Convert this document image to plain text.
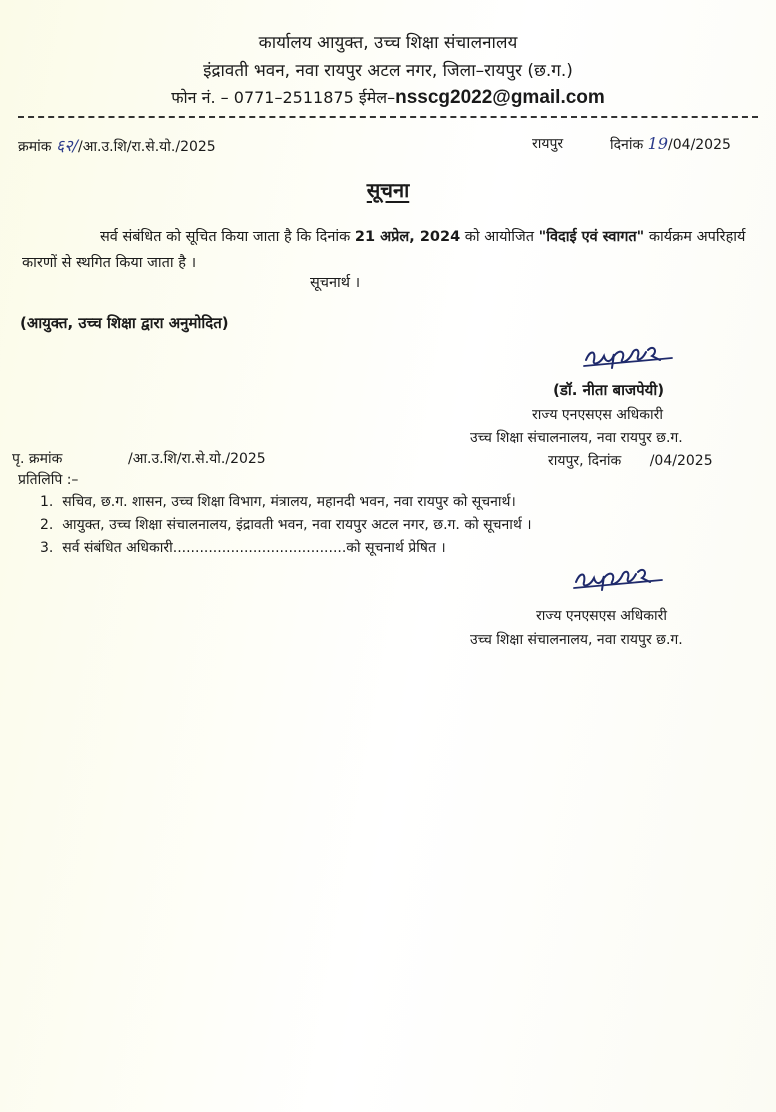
कार्यालय आयुक्त, उच्च शिक्षा संचालनालय
इंद्रावती भवन, नवा रायपुर अटल नगर, जिला–रायपुर (छ.ग.)
फोन नं. – 0771–2511875 ईमेल–nsscg2022@gmail.com
क्रमांक ६२//आ.उ.शि/रा.से.यो./2025	रायपुर	दिनांक 19/04/2025
सूचना
सर्व संबंधित को सूचित किया जाता है कि दिनांक 21 अप्रेल, 2024 को आयोजित "विदाई एवं स्वागत" कार्यक्रम अपरिहार्य कारणों से स्थगित किया जाता है ।
सूचनार्थ ।
(आयुक्त, उच्च शिक्षा द्वारा अनुमोदित)
(डॉ. नीता बाजपेयी)
राज्य एनएसएस अधिकारी
उच्च शिक्षा संचालनालय, नवा रायपुर छ.ग.
पृ. क्रमांक	/आ.उ.शि/रा.से.यो./2025	रायपुर, दिनांक /04/2025
प्रतिलिपि :–
1. सचिव, छ.ग. शासन, उच्च शिक्षा विभाग, मंत्रालय, महानदी भवन, नवा रायपुर को सूचनार्थ।
2. आयुक्त, उच्च शिक्षा संचालनालय, इंद्रावती भवन, नवा रायपुर अटल नगर, छ.ग. को सूचनार्थ ।
3. सर्व संबंधित अधिकारी.......................................को सूचनार्थ प्रेषित ।
राज्य एनएसएस अधिकारी
उच्च शिक्षा संचालनालय, नवा रायपुर छ.ग.
